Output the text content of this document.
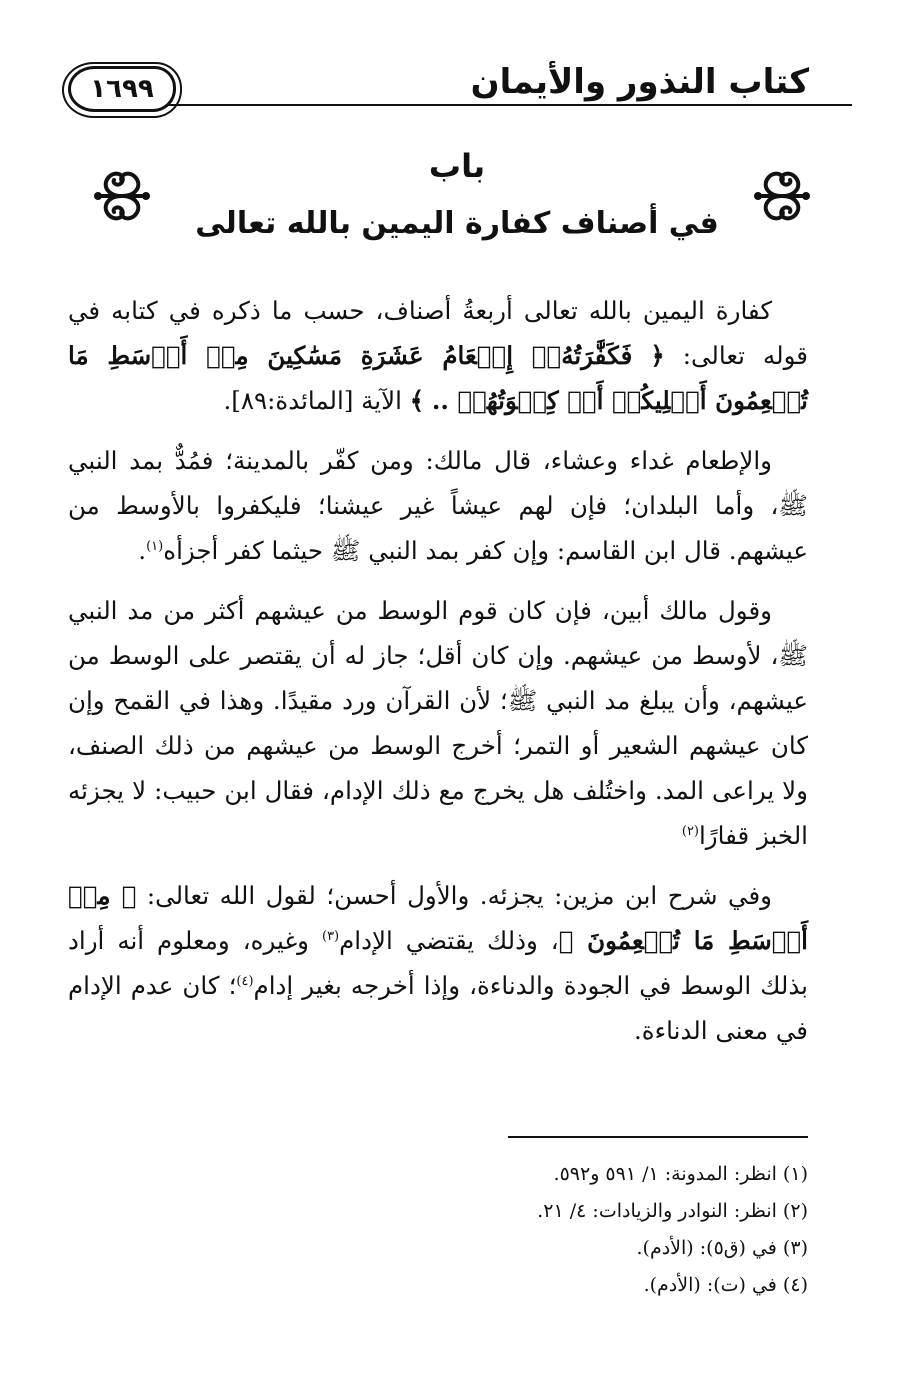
كتاب النذور والأيمان
١٦٩٩
باب
في أصناف كفارة اليمين بالله تعالى

كفارة اليمين بالله تعالى أربعةُ أصناف، حسب ما ذكره في كتابه في قوله تعالى: ﴿ فَكَفَّٰرَتُهُۥٓ إِطۡعَامُ عَشَرَةِ مَسَٰكِينَ مِنۡ أَوۡسَطِ مَا تُطۡعِمُونَ أَهۡلِيكُمۡ أَوۡ كِسۡوَتُهُمۡ .. ﴾ الآية [المائدة:٨٩].

والإطعام غداء وعشاء، قال مالك: ومن كفّر بالمدينة؛ فمُدٌّ بمد النبي ﷺ، وأما البلدان؛ فإن لهم عيشاً غير عيشنا؛ فليكفروا بالأوسط من عيشهم. قال ابن القاسم: وإن كفر بمد النبي ﷺ حيثما كفر أجزأه$^{(١)}$.

وقول مالك أبين، فإن كان قوم الوسط من عيشهم أكثر من مد النبي ﷺ، لأوسط من عيشهم. وإن كان أقل؛ جاز له أن يقتصر على الوسط من عيشهم، وأن يبلغ مد النبي ﷺ؛ لأن القرآن ورد مقيدًا. وهذا في القمح وإن كان عيشهم الشعير أو التمر؛ أخرج الوسط من عيشهم من ذلك الصنف، ولا يراعى المد. واختُلف هل يخرج مع ذلك الإدام، فقال ابن حبيب: لا يجزئه الخبز قفارًا$^{(٢)}$

وفي شرح ابن مزين: يجزئه. والأول أحسن؛ لقول الله تعالى: ﴿ مِنۡ أَوۡسَطِ مَا تُطۡعِمُونَ ﴾، وذلك يقتضي الإدام$^{(٣)}$ وغيره، ومعلوم أنه أراد بذلك الوسط في الجودة والدناءة، وإذا أخرجه بغير إدام$^{(٤)}$؛ كان عدم الإدام في معنى الدناءة.

(١) انظر: المدونة: ١/ ٥٩١ و٥٩٢.
(٢) انظر: النوادر والزيادات: ٤/ ٢١.
(٣) في (ق٥): (الأدم).
(٤) في (ت): (الأدم).
